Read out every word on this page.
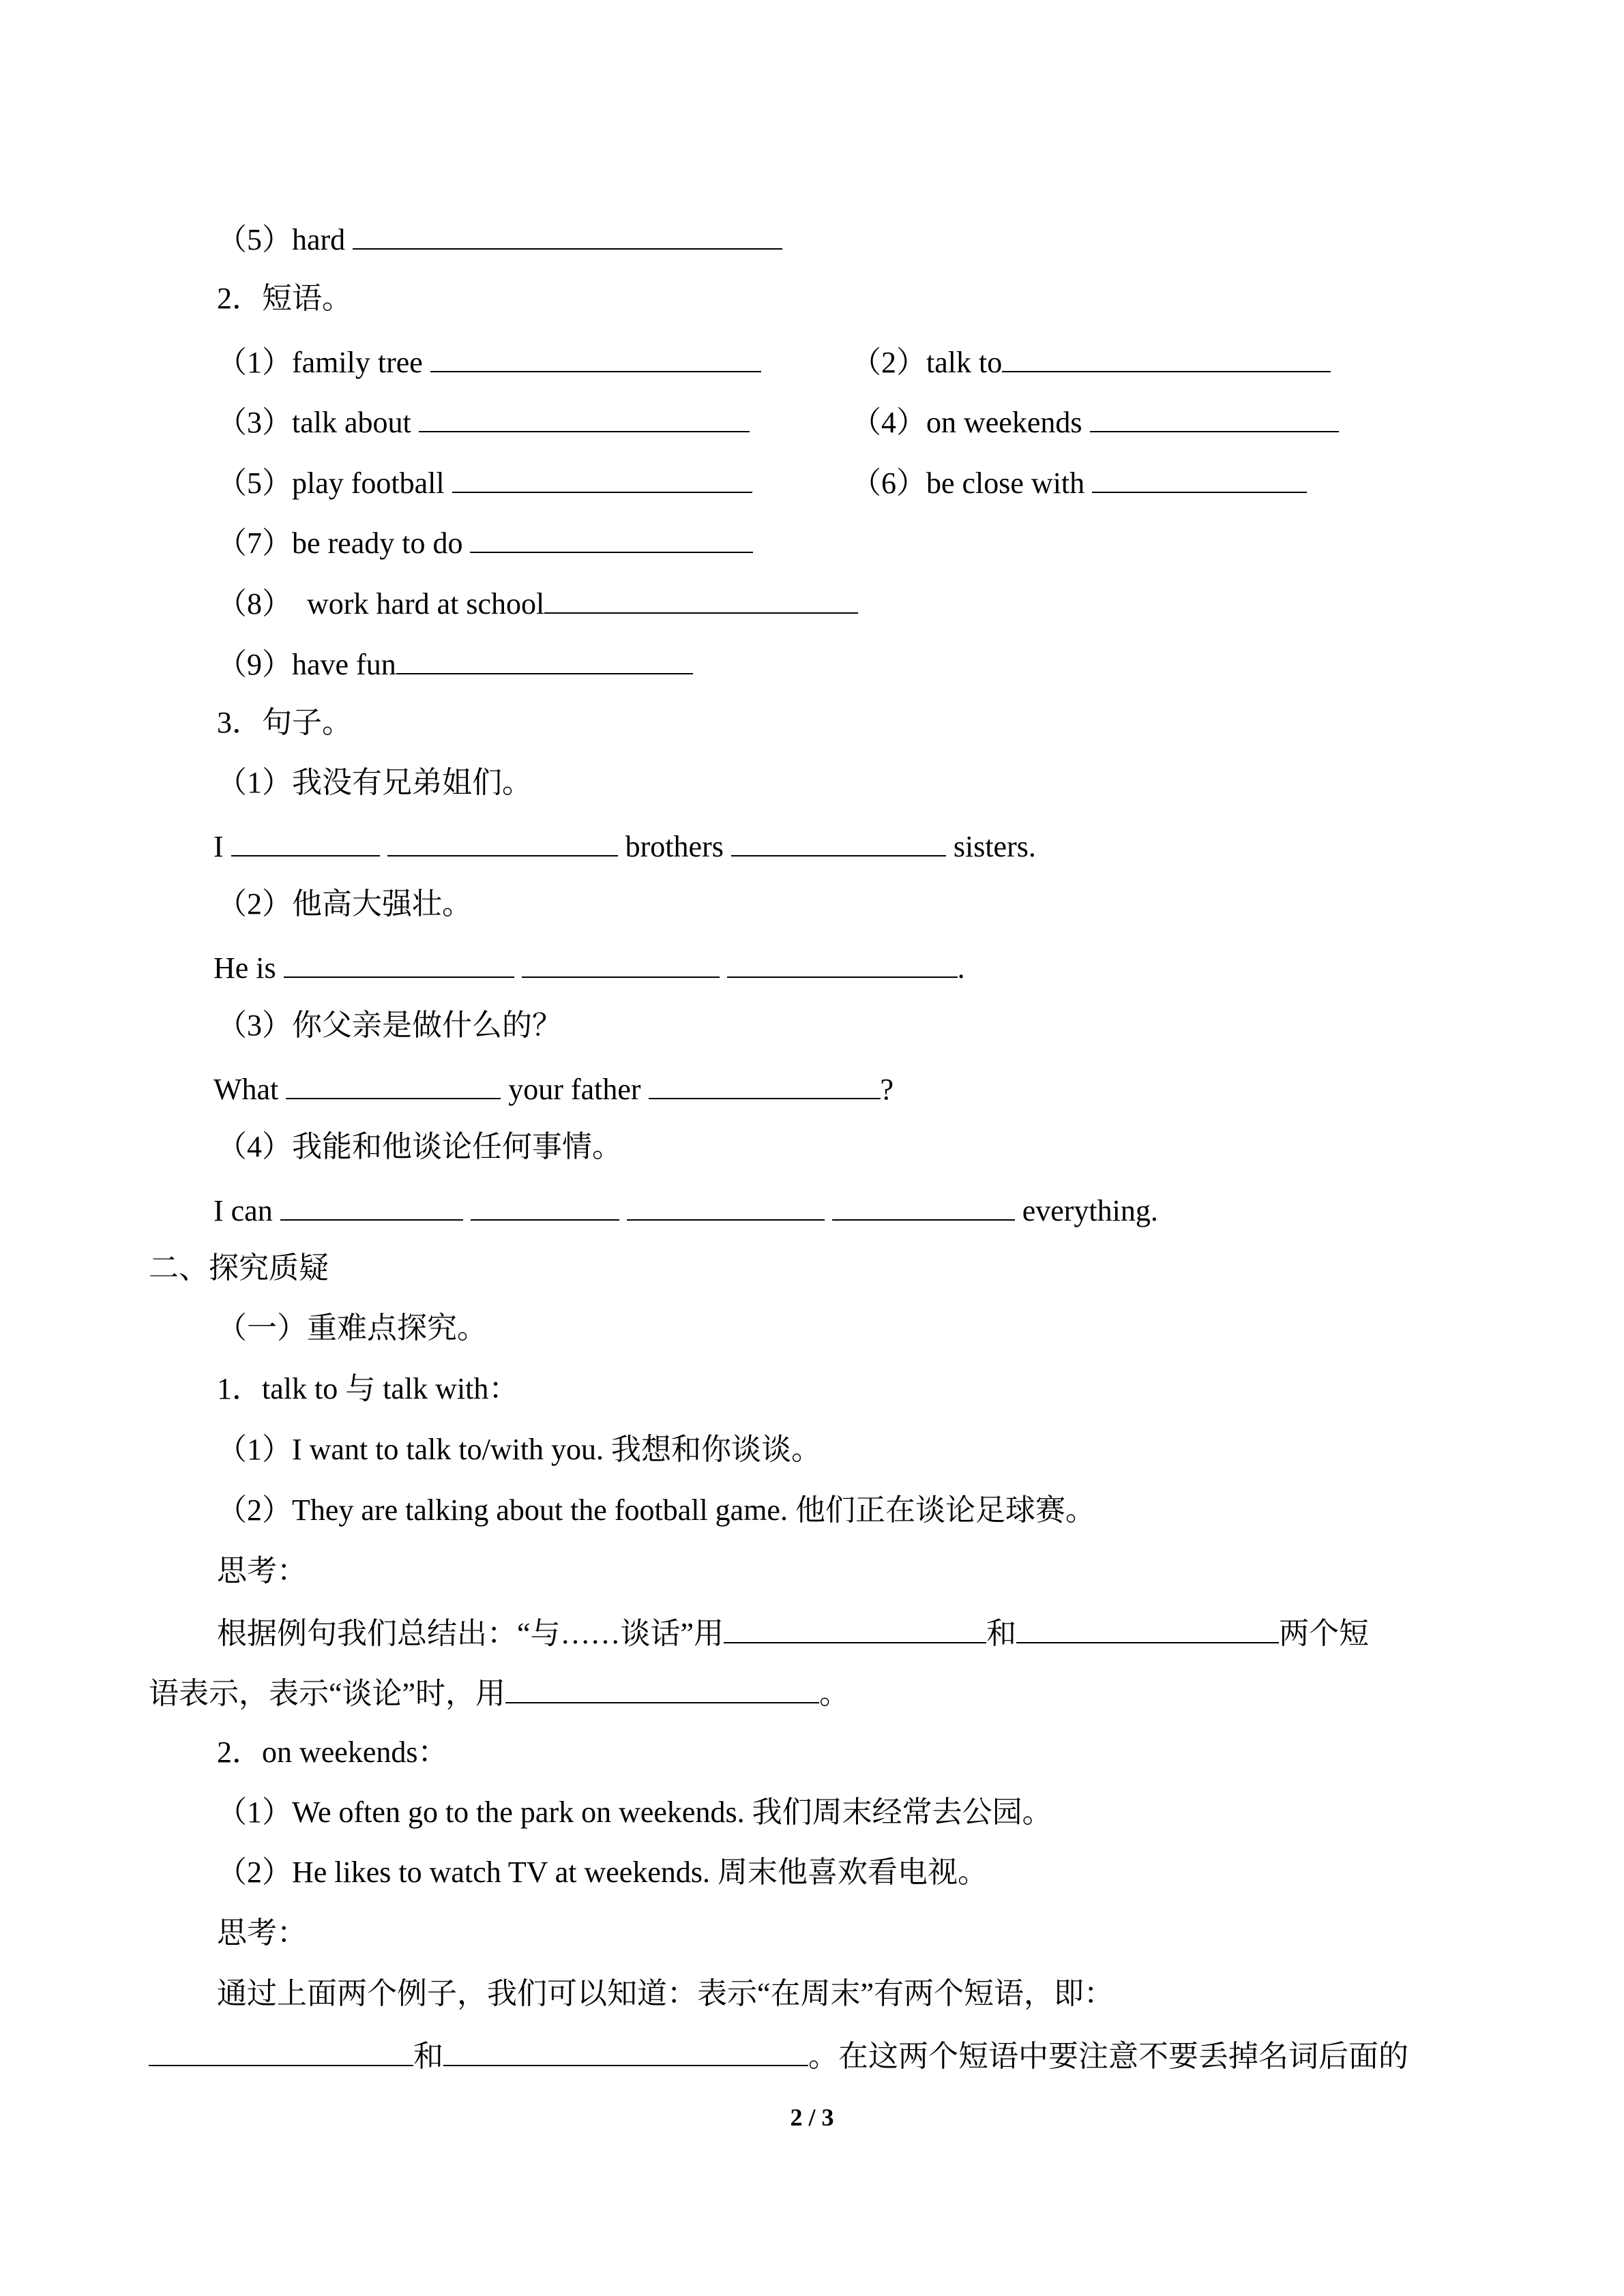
（5）hard
2．短语。
（1）family tree	（2）talk to
（3）talk about	（4）on weekends
（5）play football	（6）be close with
（7）be ready to do
（8） work hard at school
（9）have fun
3．句子。
（1）我没有兄弟姐们。
I	brothers	sisters.
（2）他高大强壮。
He is	.
（3）你父亲是做什么的？
What	your father	?
（4）我能和他谈论任何事情。
I can	everything.
二、探究质疑
（一）重难点探究。
1．talk to 与 talk with：
（1）I want to talk to/with you. 我想和你谈谈。
（2）They are talking about the football game. 他们正在谈论足球赛。
思考：
根据例句我们总结出：“与……谈话”用	和	两个短
语表示，表示“谈论”时，用	。
2．on weekends：
（1）We often go to the park on weekends. 我们周末经常去公园。
（2）He likes to watch TV at weekends. 周末他喜欢看电视。
思考：
通过上面两个例子，我们可以知道：表示“在周末”有两个短语，即：
和	。在这两个短语中要注意不要丢掉名词后面的
2 / 3
